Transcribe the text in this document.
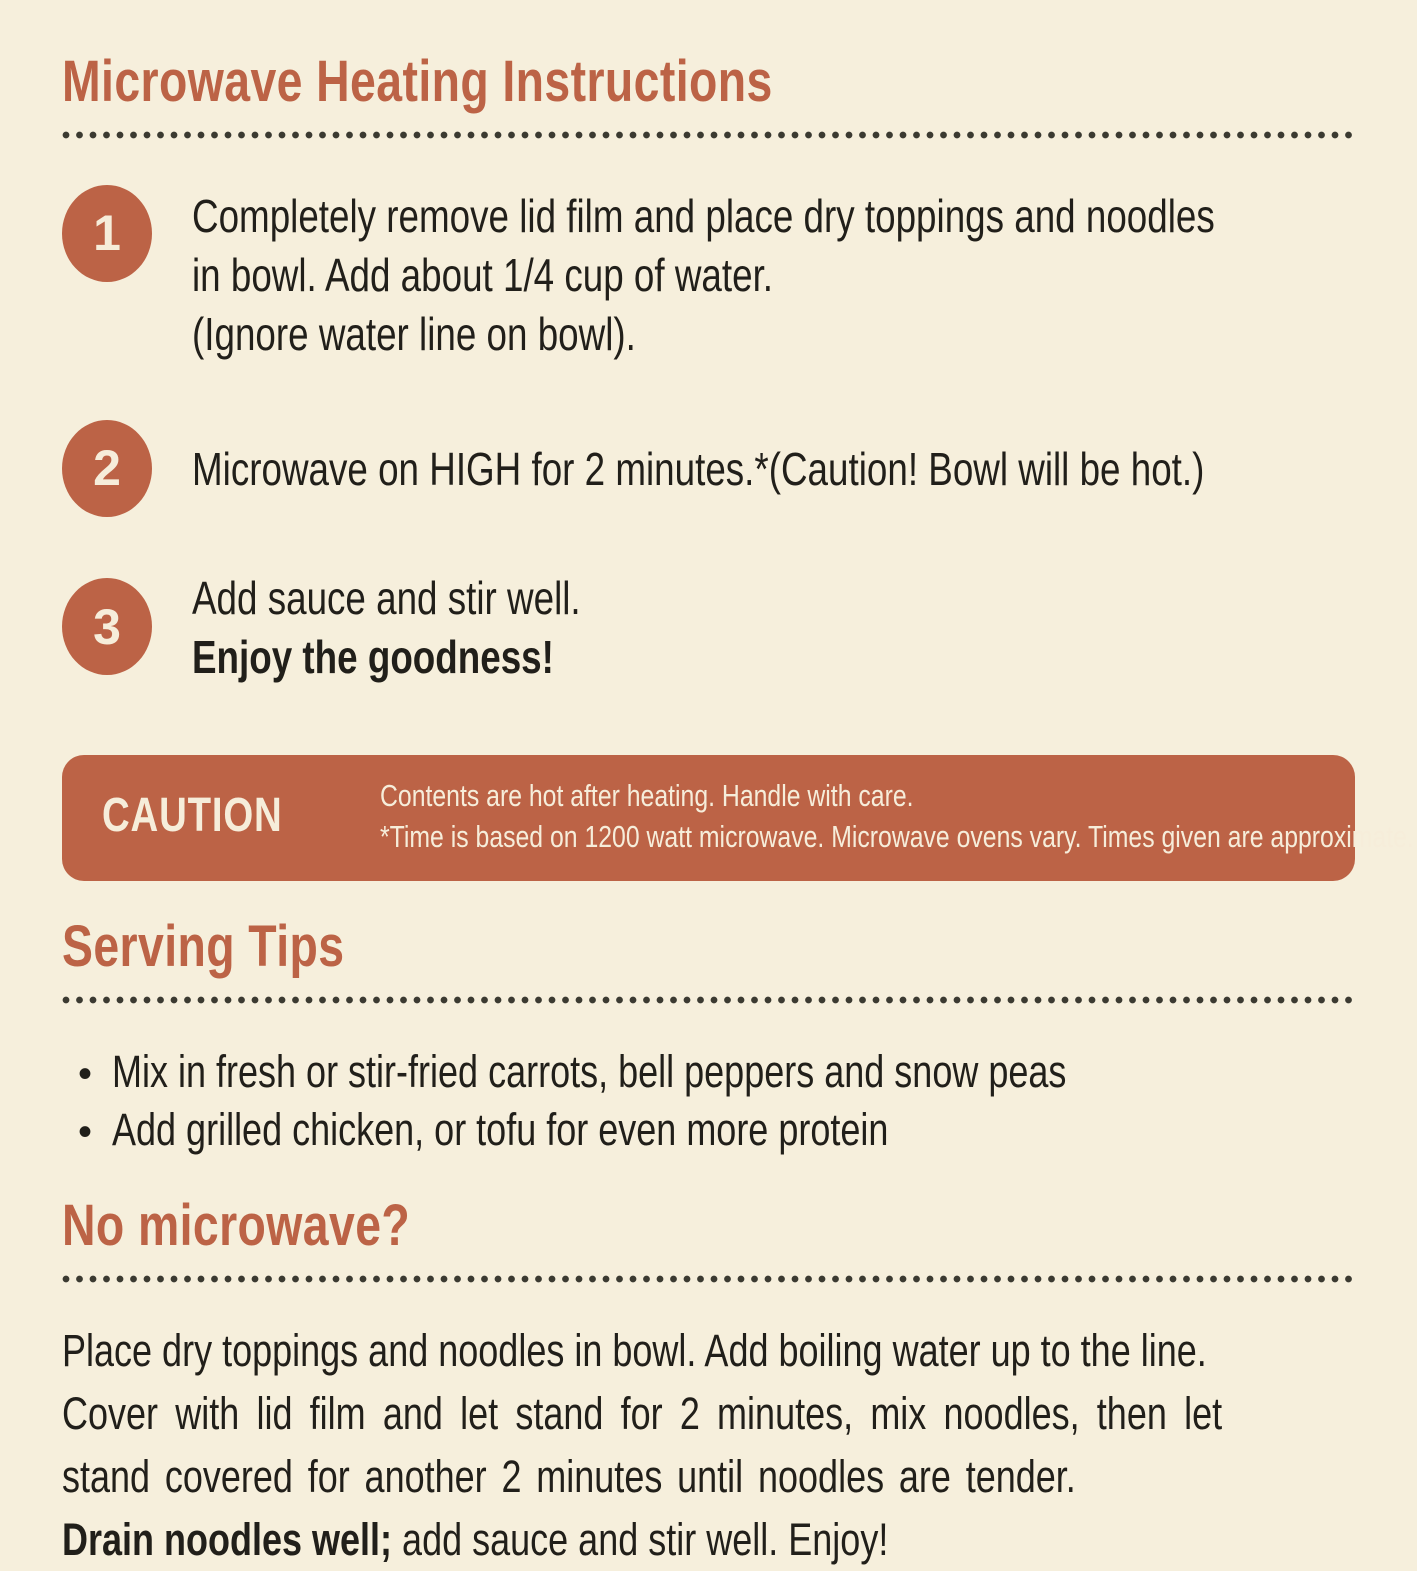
Microwave Heating Instructions
1 Completely remove lid film and place dry toppings and noodles
in bowl. Add about 1/4 cup of water.
(Ignore water line on bowl).
2 Microwave on HIGH for 2 minutes.*(Caution! Bowl will be hot.)
3
Add sauce and stir well.
Enjoy the goodness!
CAUTION	Contents are hot after heating. Handle with care.
*Time is based on 1200 watt microwave. Microwave ovens vary. Times given are approximate.
Serving Tips
• Mix in fresh or stir-fried carrots, bell peppers and snow peas
• Add grilled chicken, or tofu for even more protein
No microwave?
Place dry toppings and noodles in bowl. Add boiling water up to the line.
Cover with lid film and let stand for 2 minutes, mix noodles, then let
stand covered for another 2 minutes until noodles are tender.
Drain noodles well; add sauce and stir well. Enjoy!
